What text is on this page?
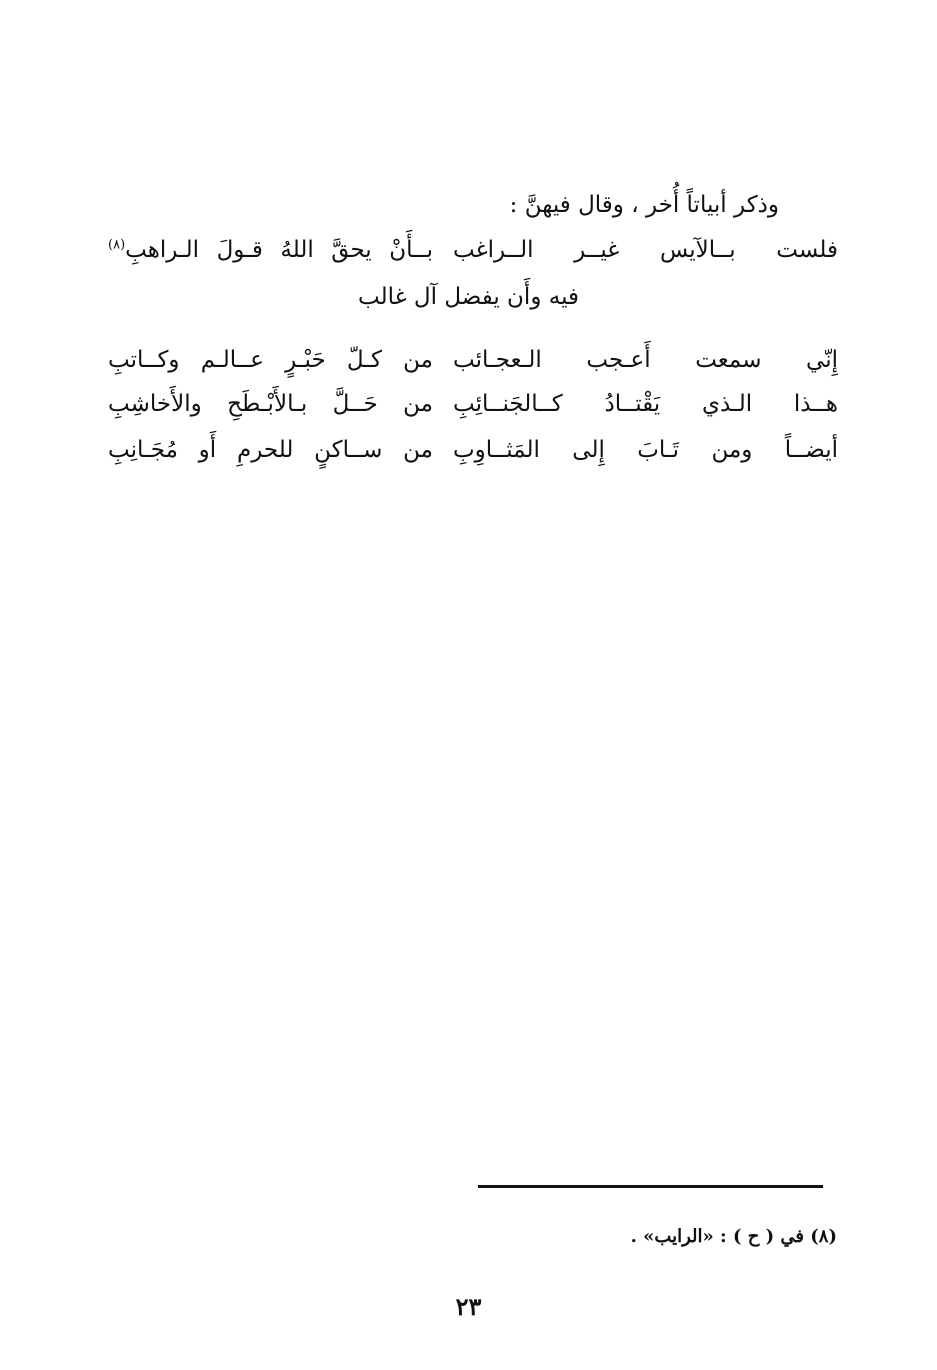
وذكر أبياتاً أُخر ، وقال فيهنَّ :
فلست بــالآيس غيــر الــراغب
بــأَنْ يحقَّ اللهُ قـولَ الـراهبِ$^{(٨)}$
فيه وأَن يفضل آل غالب
إِنّي سمعت أَعـجب الـعجـائب
من كـلّ حَبْـرٍ عــالـم وكــاتبِ
هــذا الـذي يَقْتــادُ كــالجَنــائِبِ
من حَــلَّ بـالأَبْـطَحِ والأَخاشِبِ
أيضــاً ومن تَـابَ إِلى المَثــاوِبِ
من ســاكنٍ للحرمِ أَو مُجَـانِبِ
(٨) في ( ح ) : «الرايب» .
٢٣
